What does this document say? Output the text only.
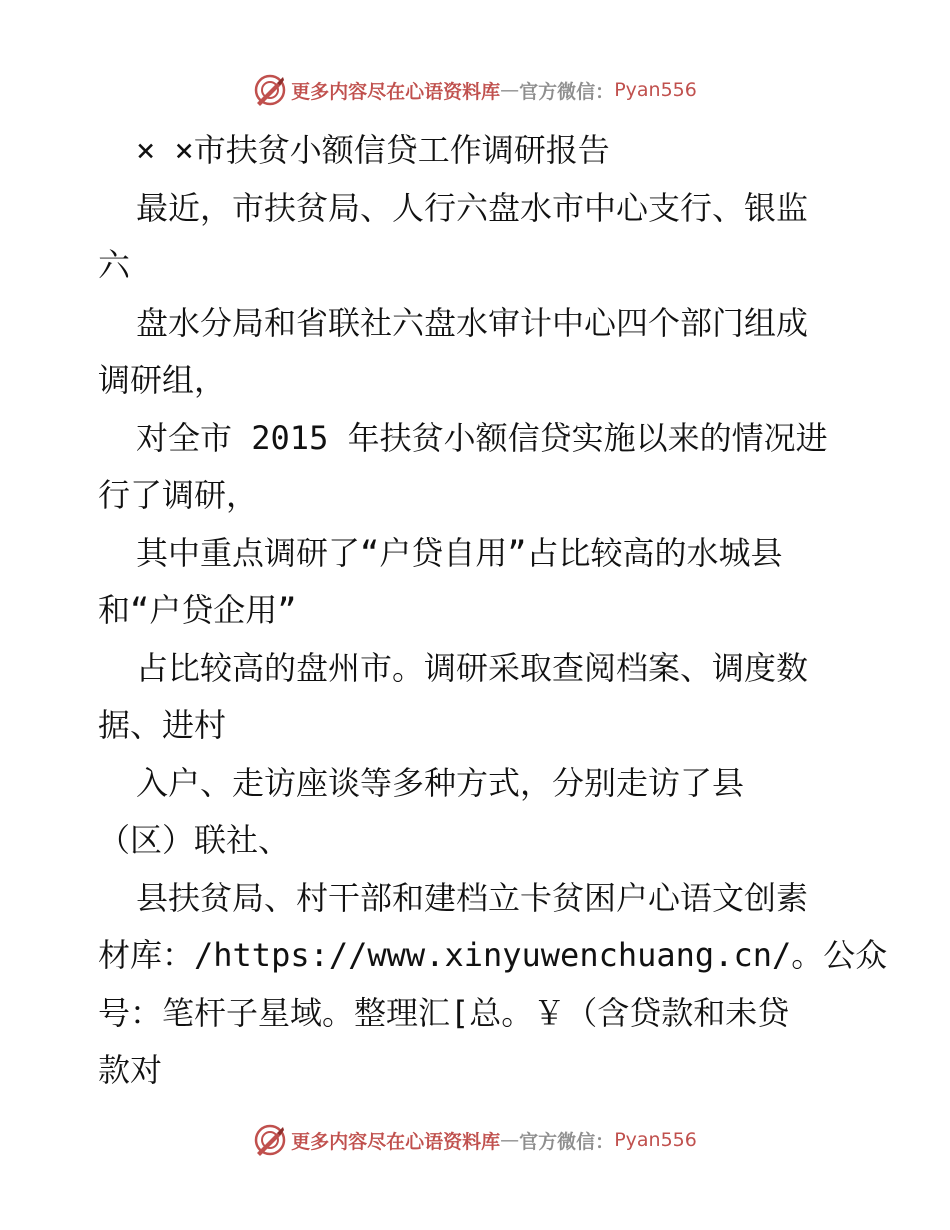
更多内容尽在心语资料库 — 官方微信： Pyan556
× ×市扶贫小额信贷工作调研报告
最近，市扶贫局、人行六盘水市中心支行、银监
六
盘水分局和省联社六盘水审计中心四个部门组成
调研组，
对全市 2015 年扶贫小额信贷实施以来的情况进
行了调研，
其中重点调研了“户贷自用”占比较高的水城县
和“户贷企用”
占比较高的盘州市。调研采取查阅档案、调度数
据、进村
入户、走访座谈等多种方式，分别走访了县
（区）联社、
县扶贫局、村干部和建档立卡贫困户心语文创素
材库：/https://www.xinyuwenchuang.cn/。公众
号：笔杆子星域。整理汇[总。￥（含贷款和未贷
款对
更多内容尽在心语资料库 — 官方微信： Pyan556
